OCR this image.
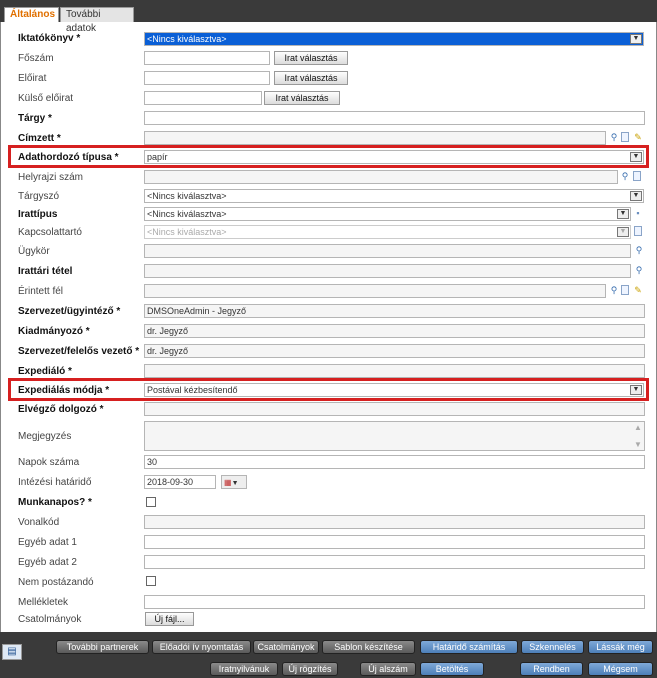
Általános	További adatok
Iktatókönyv *	<Nincs kiválasztva>	▼
Főszám	Irat választás
Előirat	Irat választás
Külső előirat	Irat választás
Tárgy *
Címzett *	⚲ ✎
Adathordozó típusa *	papír	▼
Helyrajzi szám	⚲
Tárgyszó	<Nincs kiválasztva>	▼
Irattípus	<Nincs kiválasztva>	▼	▪
Kapcsolattartó	<Nincs kiválasztva>	▼
Ügykör	⚲
Irattári tétel	⚲
Érintett fél	⚲ ✎
Szervezet/ügyintéző *	DMSOneAdmin - Jegyző
Kiadmányozó *	dr. Jegyző
Szervezet/felelős vezető * dr. Jegyző
Expediáló *
Expediálás módja *	Postával kézbesítendő	▼
Elvégző dolgozó *
Megjegyzés
▲
▼
Napok száma	30
Intézési határidő	2018-09-30	▦▼
Munkanapos? *
Vonalkód
Egyéb adat 1
Egyéb adat 2
Nem postázandó
Mellékletek
Csatolmányok	Új fájl...
▤	További partnerek	Előadói ív nyomtatás	Csatolmányok	Sablon készítése	Határidő számítás	Szkennelés	Lássák még
Iratnyilvánuk	Új rögzítés	Új alszám	Betöltés	Rendben	Mégsem
